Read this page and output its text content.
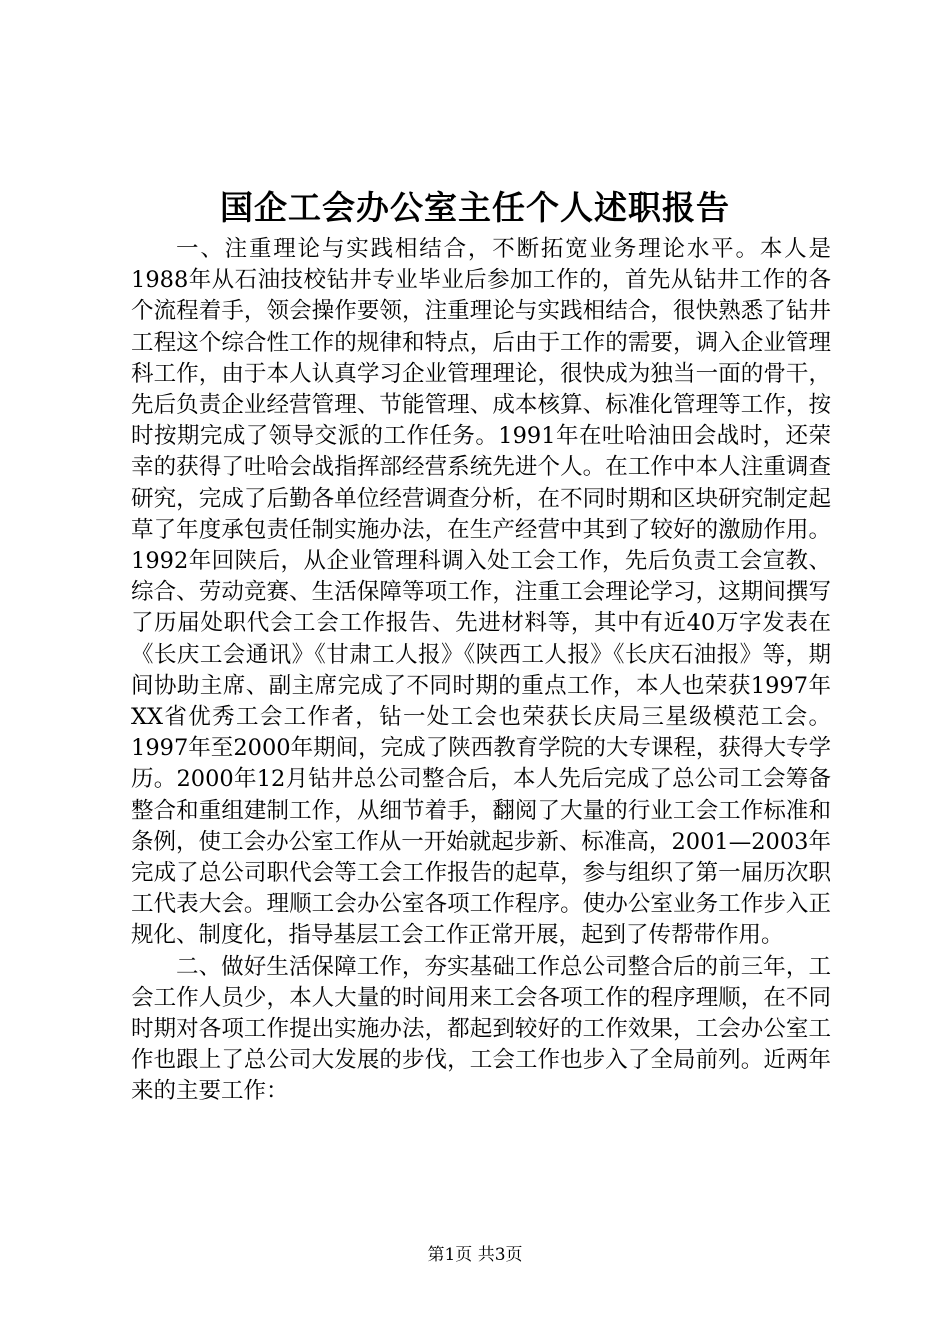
国企工会办公室主任个人述职报告

一、注重理论与实践相结合，不断拓宽业务理论水平。本人是1988年从石油技校钻井专业毕业后参加工作的，首先从钻井工作的各个流程着手，领会操作要领，注重理论与实践相结合，很快熟悉了钻井工程这个综合性工作的规律和特点，后由于工作的需要，调入企业管理科工作，由于本人认真学习企业管理理论，很快成为独当一面的骨干，先后负责企业经营管理、节能管理、成本核算、标准化管理等工作，按时按期完成了领导交派的工作任务。1991年在吐哈油田会战时，还荣幸的获得了吐哈会战指挥部经营系统先进个人。在工作中本人注重调查研究，完成了后勤各单位经营调查分析，在不同时期和区块研究制定起草了年度承包责任制实施办法，在生产经营中其到了较好的激励作用。1992年回陕后，从企业管理科调入处工会工作，先后负责工会宣教、综合、劳动竞赛、生活保障等项工作，注重工会理论学习，这期间撰写了历届处职代会工会工作报告、先进材料等，其中有近40万字发表在《长庆工会通讯》《甘肃工人报》《陕西工人报》《长庆石油报》等，期间协助主席、副主席完成了不同时期的重点工作，本人也荣获1997年XX省优秀工会工作者，钻一处工会也荣获长庆局三星级模范工会。1997年至2000年期间，完成了陕西教育学院的大专课程，获得大专学历。2000年12月钻井总公司整合后，本人先后完成了总公司工会筹备整合和重组建制工作，从细节着手，翻阅了大量的行业工会工作标准和条例，使工会办公室工作从一开始就起步新、标准高，2001—2003年完成了总公司职代会等工会工作报告的起草，参与组织了第一届历次职工代表大会。理顺工会办公室各项工作程序。使办公室业务工作步入正规化、制度化，指导基层工会工作正常开展，起到了传帮带作用。

二、做好生活保障工作，夯实基础工作总公司整合后的前三年，工会工作人员少，本人大量的时间用来工会各项工作的程序理顺，在不同时期对各项工作提出实施办法，都起到较好的工作效果，工会办公室工作也跟上了总公司大发展的步伐，工会工作也步入了全局前列。近两年来的主要工作：

第1页 共3页
